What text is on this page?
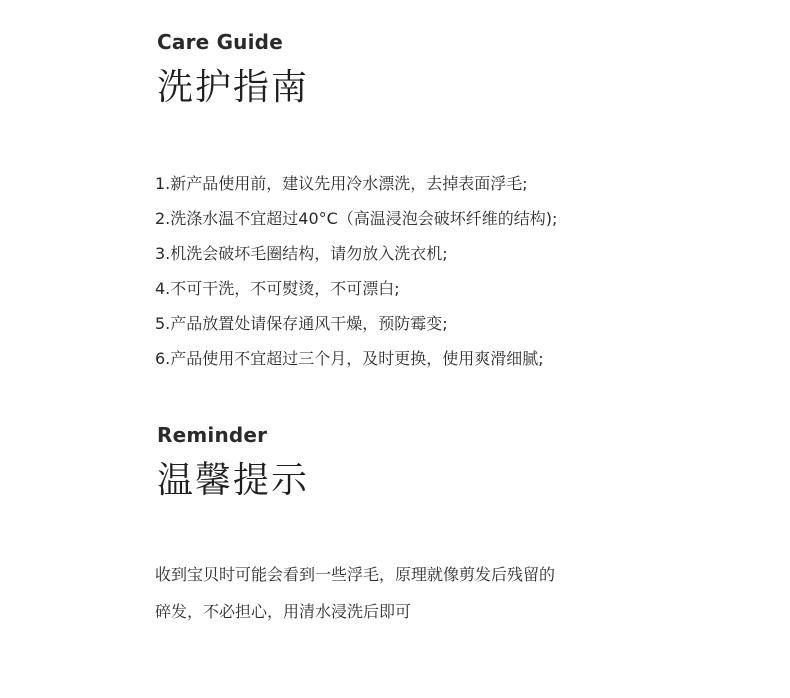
Care Guide
洗护指南
1.新产品使用前，建议先用冷水漂洗，去掉表面浮毛;
2.洗涤水温不宜超过40°C（高温浸泡会破坏纤维的结构);
3.机洗会破坏毛圈结构，请勿放入洗衣机;
4.不可干洗，不可熨烫，不可漂白;
5.产品放置处请保存通风干燥，预防霉变;
6.产品使用不宜超过三个月，及时更换，使用爽滑细腻;
Reminder
温馨提示

收到宝贝时可能会看到一些浮毛，原理就像剪发后残留的

碎发，不必担心，用清水浸洗后即可
